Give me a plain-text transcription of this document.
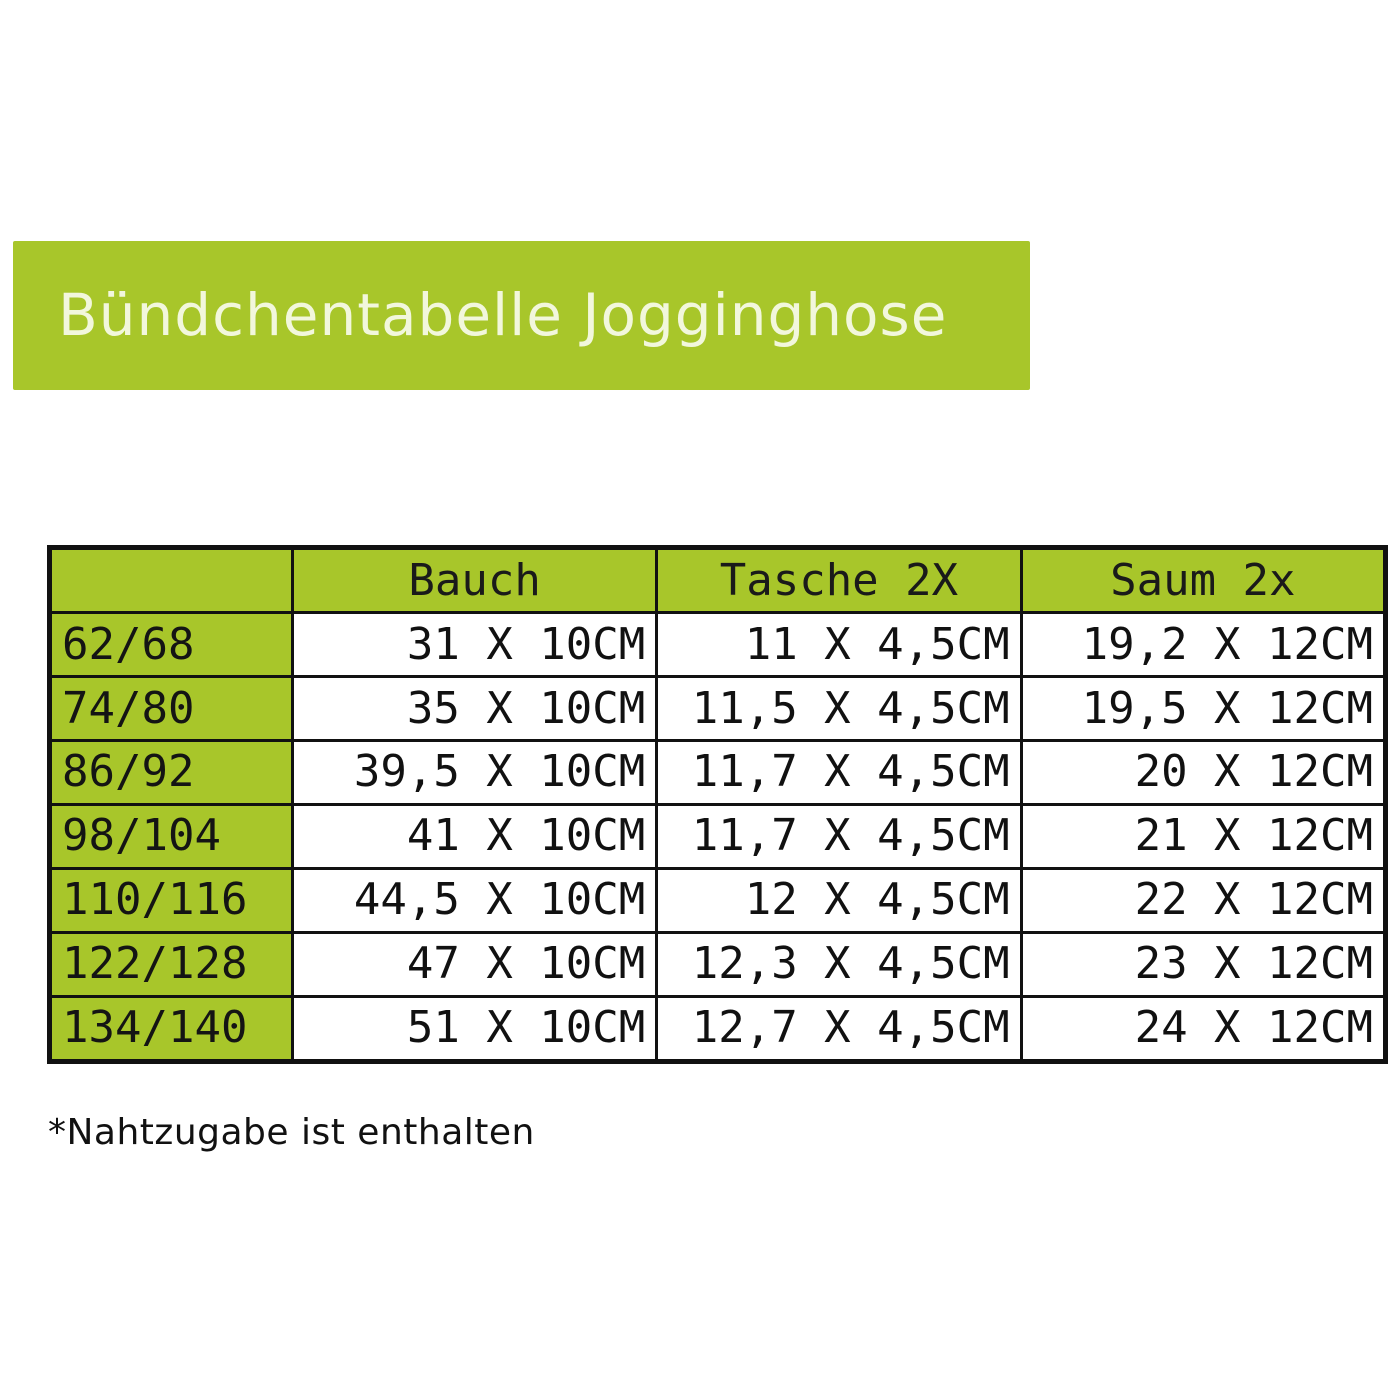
Bündchentabelle Jogginghose
	Bauch	Tasche 2X	Saum 2x
62/68	31 X 10CM	11 X 4,5CM	19,2 X 12CM
74/80	35 X 10CM	11,5 X 4,5CM	19,5 X 12CM
86/92	39,5 X 10CM	11,7 X 4,5CM	20 X 12CM
98/104	41 X 10CM	11,7 X 4,5CM	21 X 12CM
110/116	44,5 X 10CM	12 X 4,5CM	22 X 12CM
122/128	47 X 10CM	12,3 X 4,5CM	23 X 12CM
134/140	51 X 10CM	12,7 X 4,5CM	24 X 12CM
*Nahtzugabe ist enthalten
